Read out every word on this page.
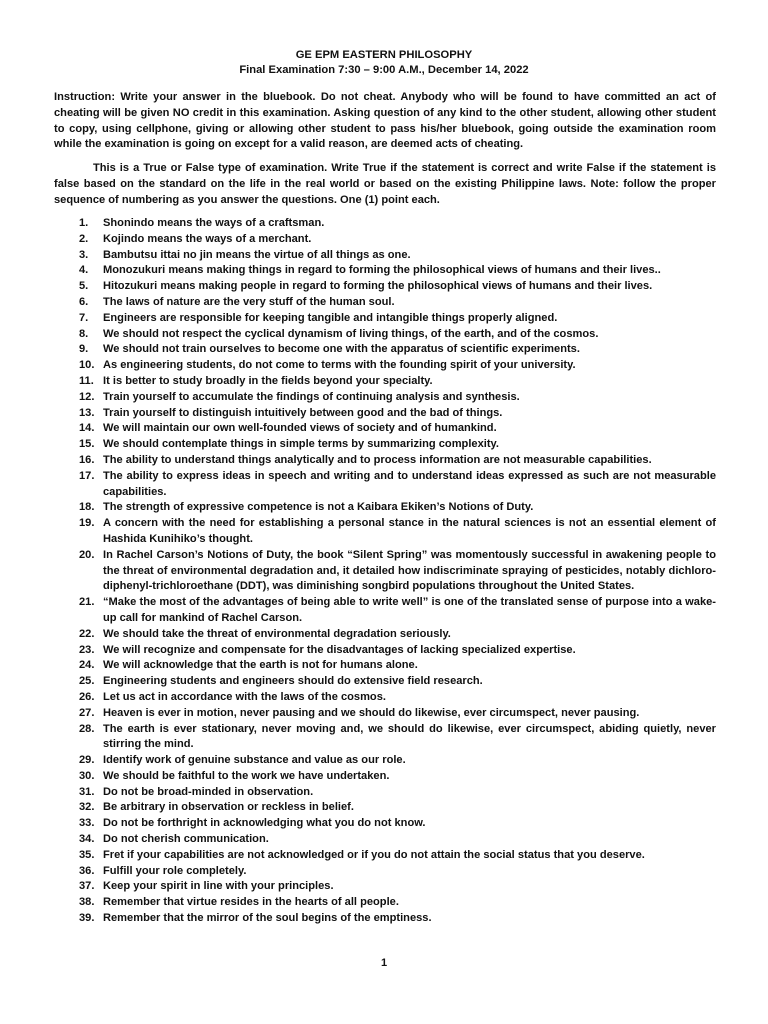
GE EPM EASTERN PHILOSOPHY
Final Examination 7:30 – 9:00 A.M., December 14, 2022
Instruction: Write your answer in the bluebook. Do not cheat. Anybody who will be found to have committed an act of cheating will be given NO credit in this examination. Asking question of any kind to the other student, allowing other student to copy, using cellphone, giving or allowing other student to pass his/her bluebook, going outside the examination room while the examination is going on except for a valid reason, are deemed acts of cheating.
This is a True or False type of examination. Write True if the statement is correct and write False if the statement is false based on the standard on the life in the real world or based on the existing Philippine laws. Note: follow the proper sequence of numbering as you answer the questions. One (1) point each.
1. Shonindo means the ways of a craftsman.
2. Kojindo means the ways of a merchant.
3. Bambutsu ittai no jin means the virtue of all things as one.
4. Monozukuri means making things in regard to forming the philosophical views of humans and their lives..
5. Hitozukuri means making people in regard to forming the philosophical views of humans and their lives.
6. The laws of nature are the very stuff of the human soul.
7. Engineers are responsible for keeping tangible and intangible things properly aligned.
8. We should not respect the cyclical dynamism of living things, of the earth, and of the cosmos.
9. We should not train ourselves to become one with the apparatus of scientific experiments.
10. As engineering students, do not come to terms with the founding spirit of your university.
11. It is better to study broadly in the fields beyond your specialty.
12. Train yourself to accumulate the findings of continuing analysis and synthesis.
13. Train yourself to distinguish intuitively between good and the bad of things.
14. We will maintain our own well-founded views of society and of humankind.
15. We should contemplate things in simple terms by summarizing complexity.
16. The ability to understand things analytically and to process information are not measurable capabilities.
17. The ability to express ideas in speech and writing and to understand ideas expressed as such are not measurable capabilities.
18. The strength of expressive competence is not a Kaibara Ekiken’s Notions of Duty.
19. A concern with the need for establishing a personal stance in the natural sciences is not an essential element of Hashida Kunihiko’s thought.
20. In Rachel Carson’s Notions of Duty, the book “Silent Spring” was momentously successful in awakening people to the threat of environmental degradation and, it detailed how indiscriminate spraying of pesticides, notably dichloro-diphenyl-trichloroethane (DDT), was diminishing songbird populations throughout the United States.
21. “Make the most of the advantages of being able to write well” is one of the translated sense of purpose into a wake-up call for mankind of Rachel Carson.
22. We should take the threat of environmental degradation seriously.
23. We will recognize and compensate for the disadvantages of lacking specialized expertise.
24. We will acknowledge that the earth is not for humans alone.
25. Engineering students and engineers should do extensive field research.
26. Let us act in accordance with the laws of the cosmos.
27. Heaven is ever in motion, never pausing and we should do likewise, ever circumspect, never pausing.
28. The earth is ever stationary, never moving and, we should do likewise, ever circumspect, abiding quietly, never stirring the mind.
29. Identify work of genuine substance and value as our role.
30. We should be faithful to the work we have undertaken.
31. Do not be broad-minded in observation.
32. Be arbitrary in observation or reckless in belief.
33. Do not be forthright in acknowledging what you do not know.
34. Do not cherish communication.
35. Fret if your capabilities are not acknowledged or if you do not attain the social status that you deserve.
36. Fulfill your role completely.
37. Keep your spirit in line with your principles.
38. Remember that virtue resides in the hearts of all people.
39. Remember that the mirror of the soul begins of the emptiness.
1
